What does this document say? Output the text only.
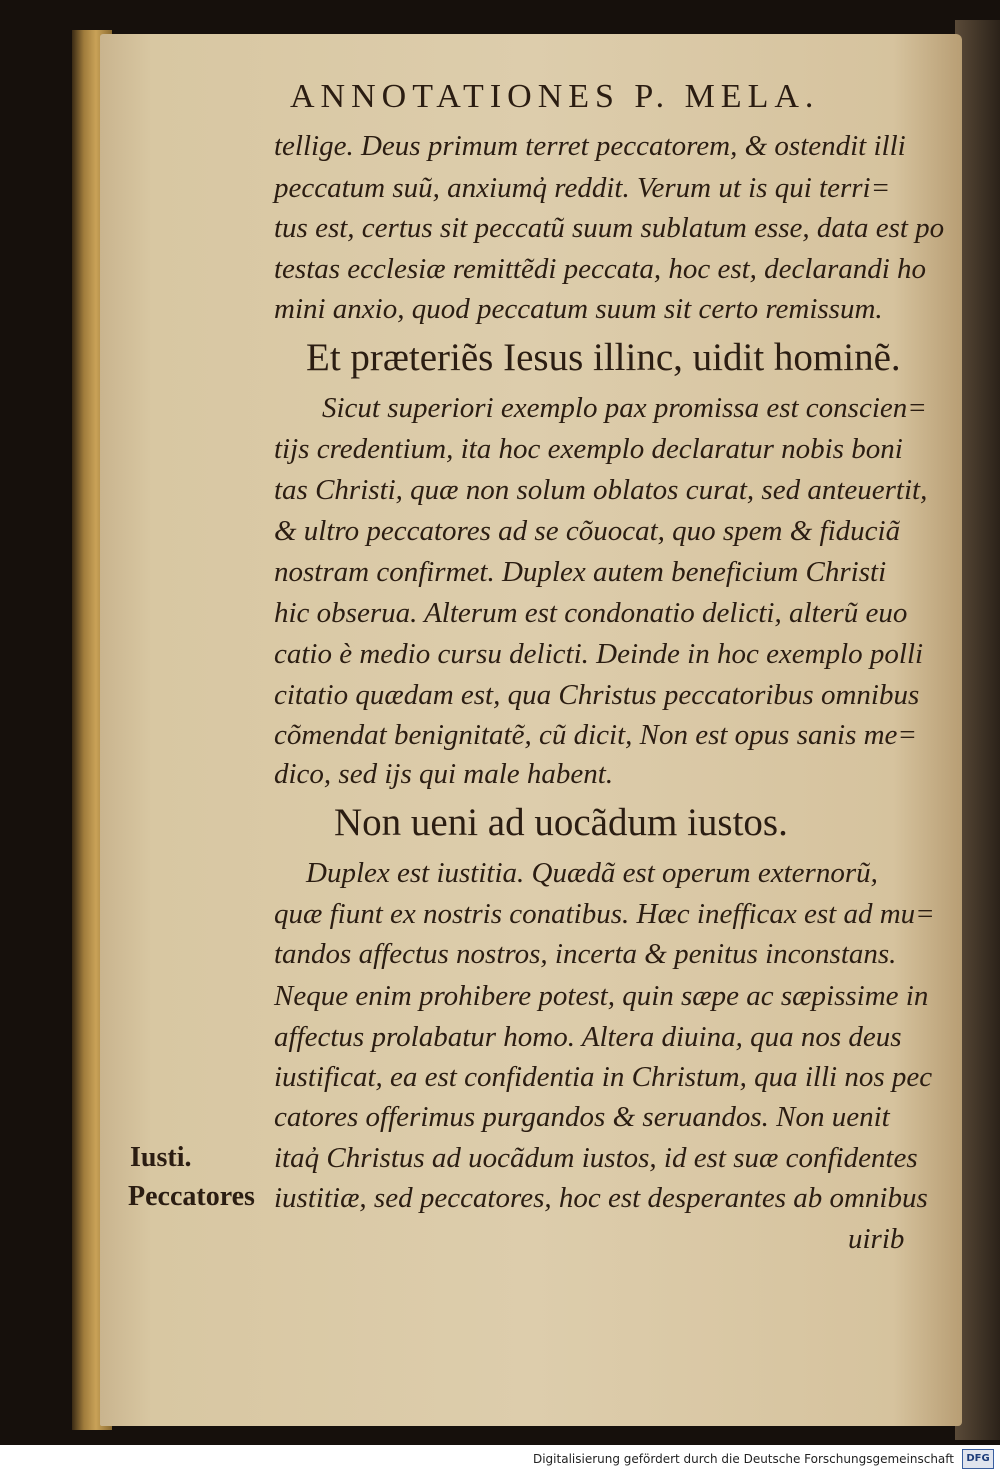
ANNOTATIONES P. MELA.
tellige. Deus primum terret peccatorem, & ostendit illi
peccatum suũ, anxiumq̓ reddit. Verum ut is qui terri=
tus est, certus sit peccatũ suum sublatum esse, data est po
testas ecclesiæ remittẽdi peccata, hoc est, declarandi ho
mini anxio, quod peccatum suum sit certo remissum.
Et præteriẽs Iesus illinc, uidit hominẽ.
Sicut superiori exemplo pax promissa est conscien=
tijs credentium, ita hoc exemplo declaratur nobis boni
tas Christi, quæ non solum oblatos curat, sed anteuertit,
& ultro peccatores ad se cõuocat, quo spem & fiduciã
nostram confirmet. Duplex autem beneficium Christi
hic obserua. Alterum est condonatio delicti, alterũ euo
catio è medio cursu delicti. Deinde in hoc exemplo polli
citatio quædam est, qua Christus peccatoribus omnibus
cõmendat benignitatẽ, cũ dicit, Non est opus sanis me=
dico, sed ijs qui male habent.
Non ueni ad uocãdum iustos.
Duplex est iustitia. Quædã est operum externorũ,
quæ fiunt ex nostris conatibus. Hæc inefficax est ad mu=
tandos affectus nostros, incerta & penitus inconstans.
Neque enim prohibere potest, quin sæpe ac sæpissime in
affectus prolabatur homo. Altera diuina, qua nos deus
iustificat, ea est confidentia in Christum, qua illi nos pec
catores offerimus purgandos & seruandos. Non uenit
itaq̓ Christus ad uocãdum iustos, id est suæ confidentes
iustitiæ, sed peccatores, hoc est desperantes ab omnibus
uirib
Iusti.
Peccatores
Digitalisierung gefördert durch die Deutsche Forschungsgemeinschaft	DFG
